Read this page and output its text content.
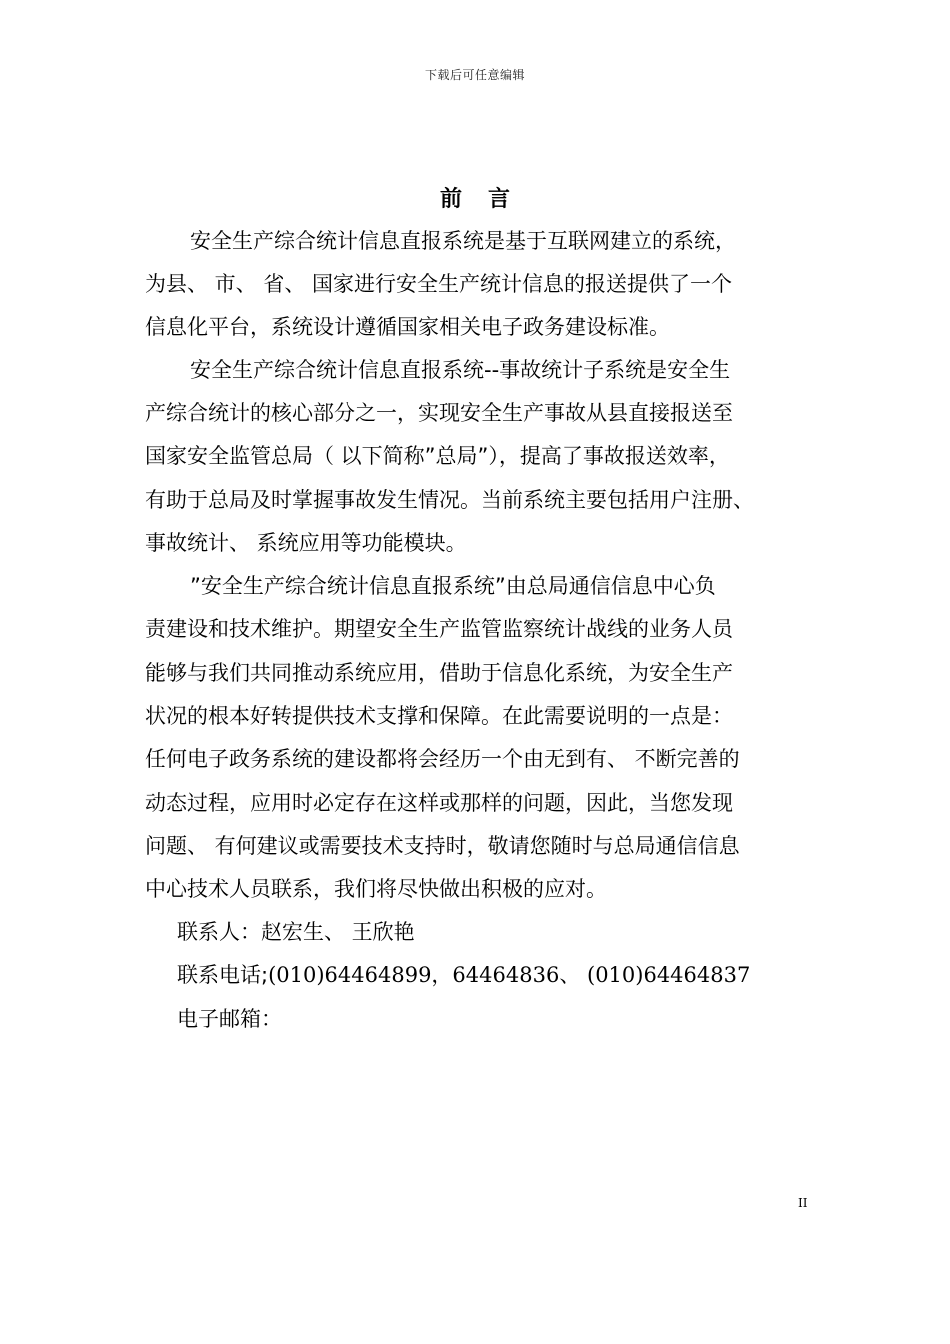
下载后可任意编辑
前 言
安全生产综合统计信息直报系统是基于互联网建立的系统，
为县、 市、 省、 国家进行安全生产统计信息的报送提供了一个
信息化平台，系统设计遵循国家相关电子政务建设标准。
安全生产综合统计信息直报系统--事故统计子系统是安全生
产综合统计的核心部分之一，实现安全生产事故从县直接报送至
国家安全监管总局（ 以下简称”总局”），提高了事故报送效率，
有助于总局及时掌握事故发生情况。当前系统主要包括用户注册、
事故统计、 系统应用等功能模块。
”安全生产综合统计信息直报系统”由总局通信信息中心负
责建设和技术维护。期望安全生产监管监察统计战线的业务人员
能够与我们共同推动系统应用，借助于信息化系统，为安全生产
状况的根本好转提供技术支撑和保障。在此需要说明的一点是：
任何电子政务系统的建设都将会经历一个由无到有、 不断完善的
动态过程，应用时必定存在这样或那样的问题，因此，当您发现
问题、 有何建议或需要技术支持时，敬请您随时与总局通信信息
中心技术人员联系，我们将尽快做出积极的应对。
联系人：赵宏生、 王欣艳
联系电话;(010)64464899，64464836、 (010)64464837
电子邮箱：
II
